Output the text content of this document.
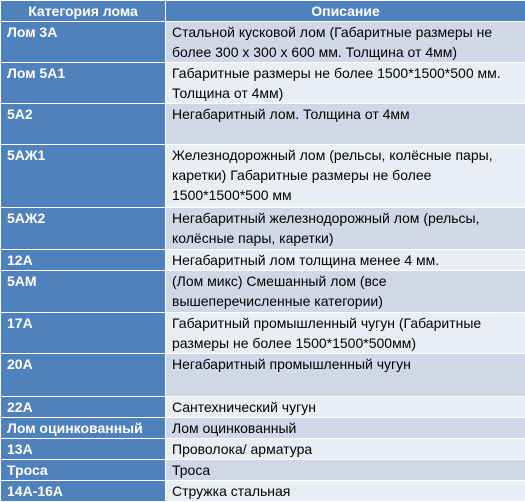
Категория лома	Описание
Лом 3А	Стальной кусковой лом (Габаритные размеры не более 300 x 300 x 600 мм. Толщина от 4мм)
Лом 5А1	Габаритные размеры не более 1500*1500*500 мм. Толщина от 4мм)
5А2	Негабаритный лом. Толщина от 4мм
5АЖ1	Железнодорожный лом (рельсы, колёсные пары, каретки) Габаритные размеры не более 1500*1500*500 мм
5АЖ2	Негабаритный железнодорожный лом (рельсы, колёсные пары, каретки)
12А	Негабаритный лом толщина менее 4 мм.
5АМ	(Лом микс) Смешанный лом (все вышеперечисленные категории)
17А	Габаритный промышленный чугун (Габаритные размеры не более 1500*1500*500мм)
20А	Негабаритный промышленный чугун
22А	Сантехнический чугун
Лом оцинкованный	Лом оцинкованный
13А	Проволока/ арматура
Троса	Троса
14А-16А	Стружка стальная
